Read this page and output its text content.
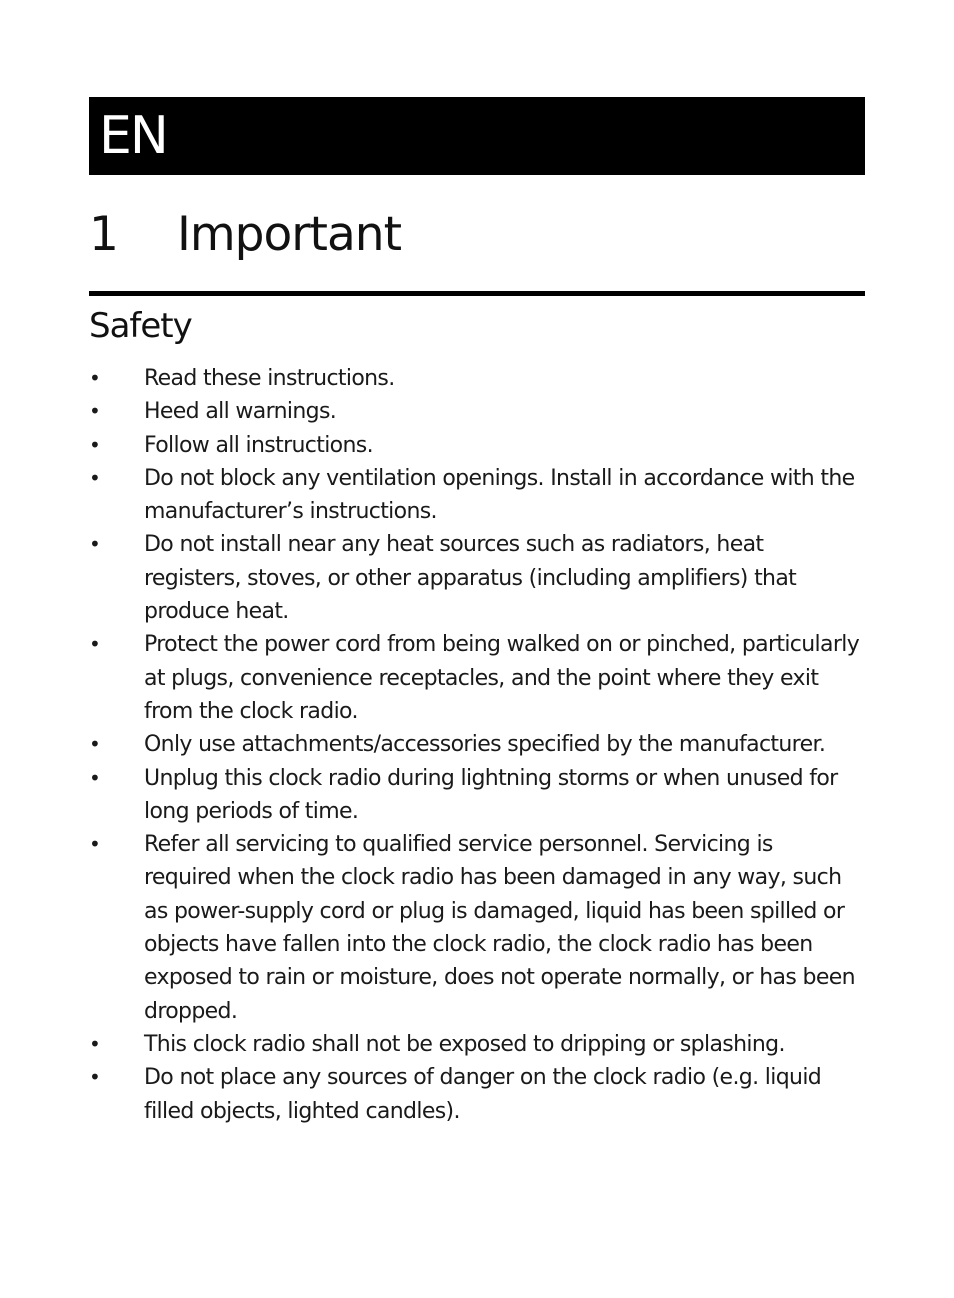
EN
1 Important
Safety
• Read these instructions.
• Heed all warnings.
• Follow all instructions.
• Do not block any ventilation openings. Install in accordance with the manufacturer’s instructions.
• Do not install near any heat sources such as radiators, heat registers, stoves, or other apparatus (including amplifiers) that produce heat.
• Protect the power cord from being walked on or pinched, particularly at plugs, convenience receptacles, and the point where they exit from the clock radio.
• Only use attachments/accessories specified by the manufacturer.
• Unplug this clock radio during lightning storms or when unused for long periods of time.
• Refer all servicing to qualified service personnel. Servicing is required when the clock radio has been damaged in any way, such as power-supply cord or plug is damaged, liquid has been spilled or objects have fallen into the clock radio, the clock radio has been exposed to rain or moisture, does not operate normally, or has been dropped.
• This clock radio shall not be exposed to dripping or splashing.
• Do not place any sources of danger on the clock radio (e.g. liquid filled objects, lighted candles).
